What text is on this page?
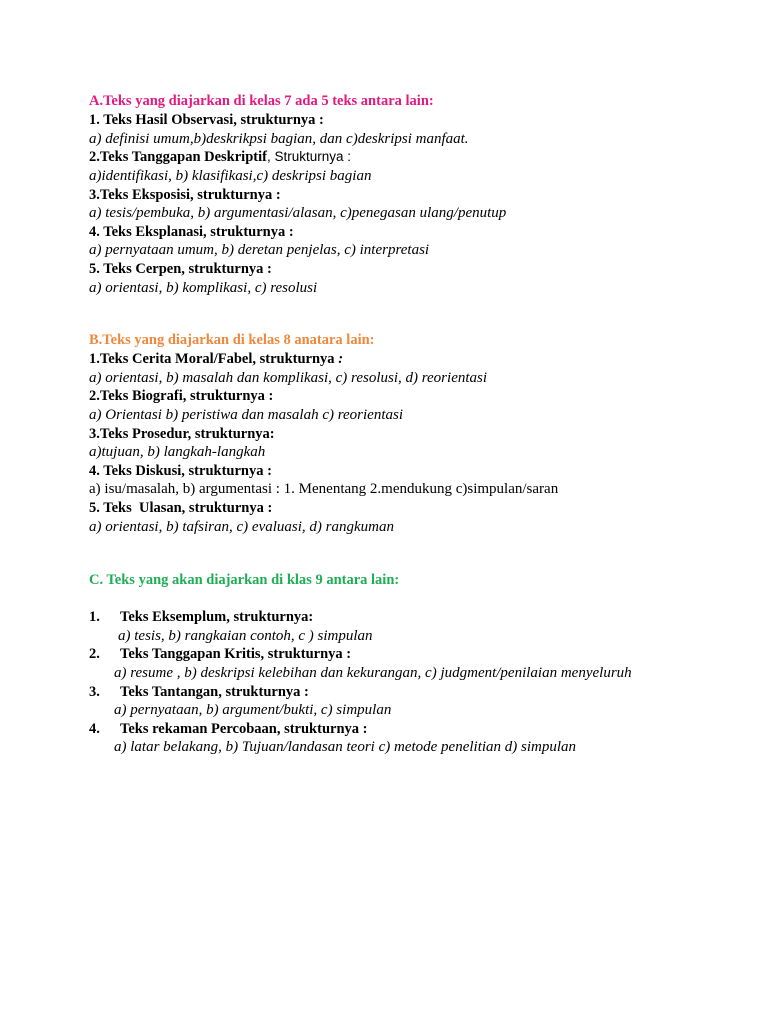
A.Teks yang diajarkan di kelas 7 ada 5 teks antara lain:

1. Teks Hasil Observasi, strukturnya :

a) definisi umum,b)deskrikpsi bagian, dan c)deskripsi manfaat.

2.Teks Tanggapan Deskriptif, Strukturnya :

a)identifikasi, b) klasifikasi,c) deskripsi bagian

3.Teks Eksposisi, strukturnya :

a) tesis/pembuka, b) argumentasi/alasan, c)penegasan ulang/penutup

4. Teks Eksplanasi, strukturnya :

a) pernyataan umum, b) deretan penjelas, c) interpretasi

5. Teks Cerpen, strukturnya :

a) orientasi, b) komplikasi, c) resolusi

B.Teks yang diajarkan di kelas 8 anatara lain:

1.Teks Cerita Moral/Fabel, strukturnya :

a) orientasi, b) masalah dan komplikasi, c) resolusi, d) reorientasi

2.Teks Biografi, strukturnya :

a) Orientasi b) peristiwa dan masalah c) reorientasi

3.Teks Prosedur, strukturnya:

a)tujuan, b) langkah-langkah

4. Teks Diskusi, strukturnya :

a) isu/masalah, b) argumentasi : 1. Menentang 2.mendukung c)simpulan/saran

5. Teks  Ulasan, strukturnya :

a) orientasi, b) tafsiran, c) evaluasi, d) rangkuman

C. Teks yang akan diajarkan di klas 9 antara lain:

1.	Teks Eksemplum, strukturnya:

a) tesis, b) rangkaian contoh, c ) simpulan

2.	Teks Tanggapan Kritis, strukturnya :

a) resume , b) deskripsi kelebihan dan kekurangan, c) judgment/penilaian menyeluruh

3.	Teks Tantangan, strukturnya :

a) pernyataan, b) argument/bukti, c) simpulan

4.	Teks rekaman Percobaan, strukturnya :

a) latar belakang, b) Tujuan/landasan teori c) metode penelitian d) simpulan
